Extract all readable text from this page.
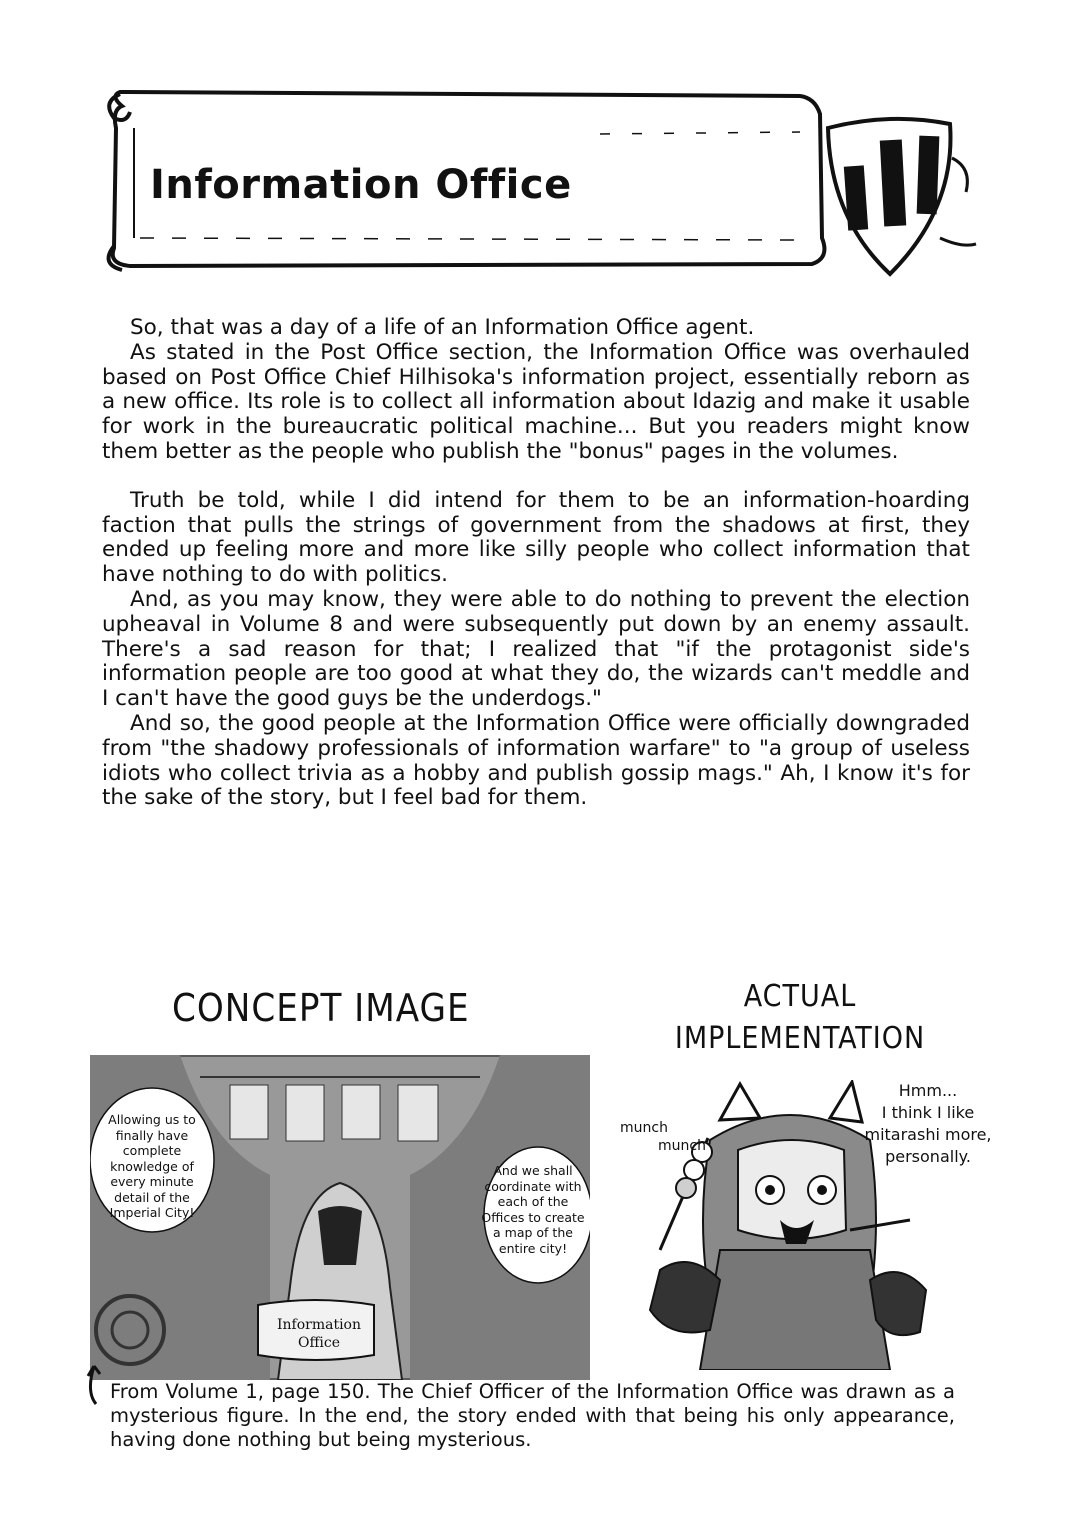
Information Office

So, that was a day of a life of an Information Office agent.

As stated in the Post Office section, the Information Office was overhauled based on Post Office Chief Hilhisoka's information project, essentially reborn as a new office. Its role is to collect all information about Idazig and make it usable for work in the bureaucratic political machine... But you readers might know them better as the people who publish the "bonus" pages in the volumes.

Truth be told, while I did intend for them to be an information-hoarding faction that pulls the strings of government from the shadows at first, they ended up feeling more and more like silly people who collect information that have nothing to do with politics.

And, as you may know, they were able to do nothing to prevent the election upheaval in Volume 8 and were subsequently put down by an enemy assault. There's a sad reason for that; I realized that "if the protagonist side's information people are too good at what they do, the wizards can't meddle and I can't have the good guys be the underdogs."

And so, the good people at the Information Office were officially downgraded from "the shadowy professionals of information warfare" to "a group of useless idiots who collect trivia as a hobby and publish gossip mags." Ah, I know it's for the sake of the story, but I feel bad for them.

CONCEPT IMAGE	ACTUAL
IMPLEMENTATION
Allowing us to finally have complete knowledge of every minute detail of the Imperial City!
And we shall coordinate with each of the Offices to create a map of the entire city!
Information
Office
munch
munch
Hmm...
I think I like
mitarashi more,
personally.
From Volume 1, page 150. The Chief Officer of the Information Office was drawn as a mysterious figure. In the end, the story ended with that being his only appearance, having done nothing but being mysterious.
